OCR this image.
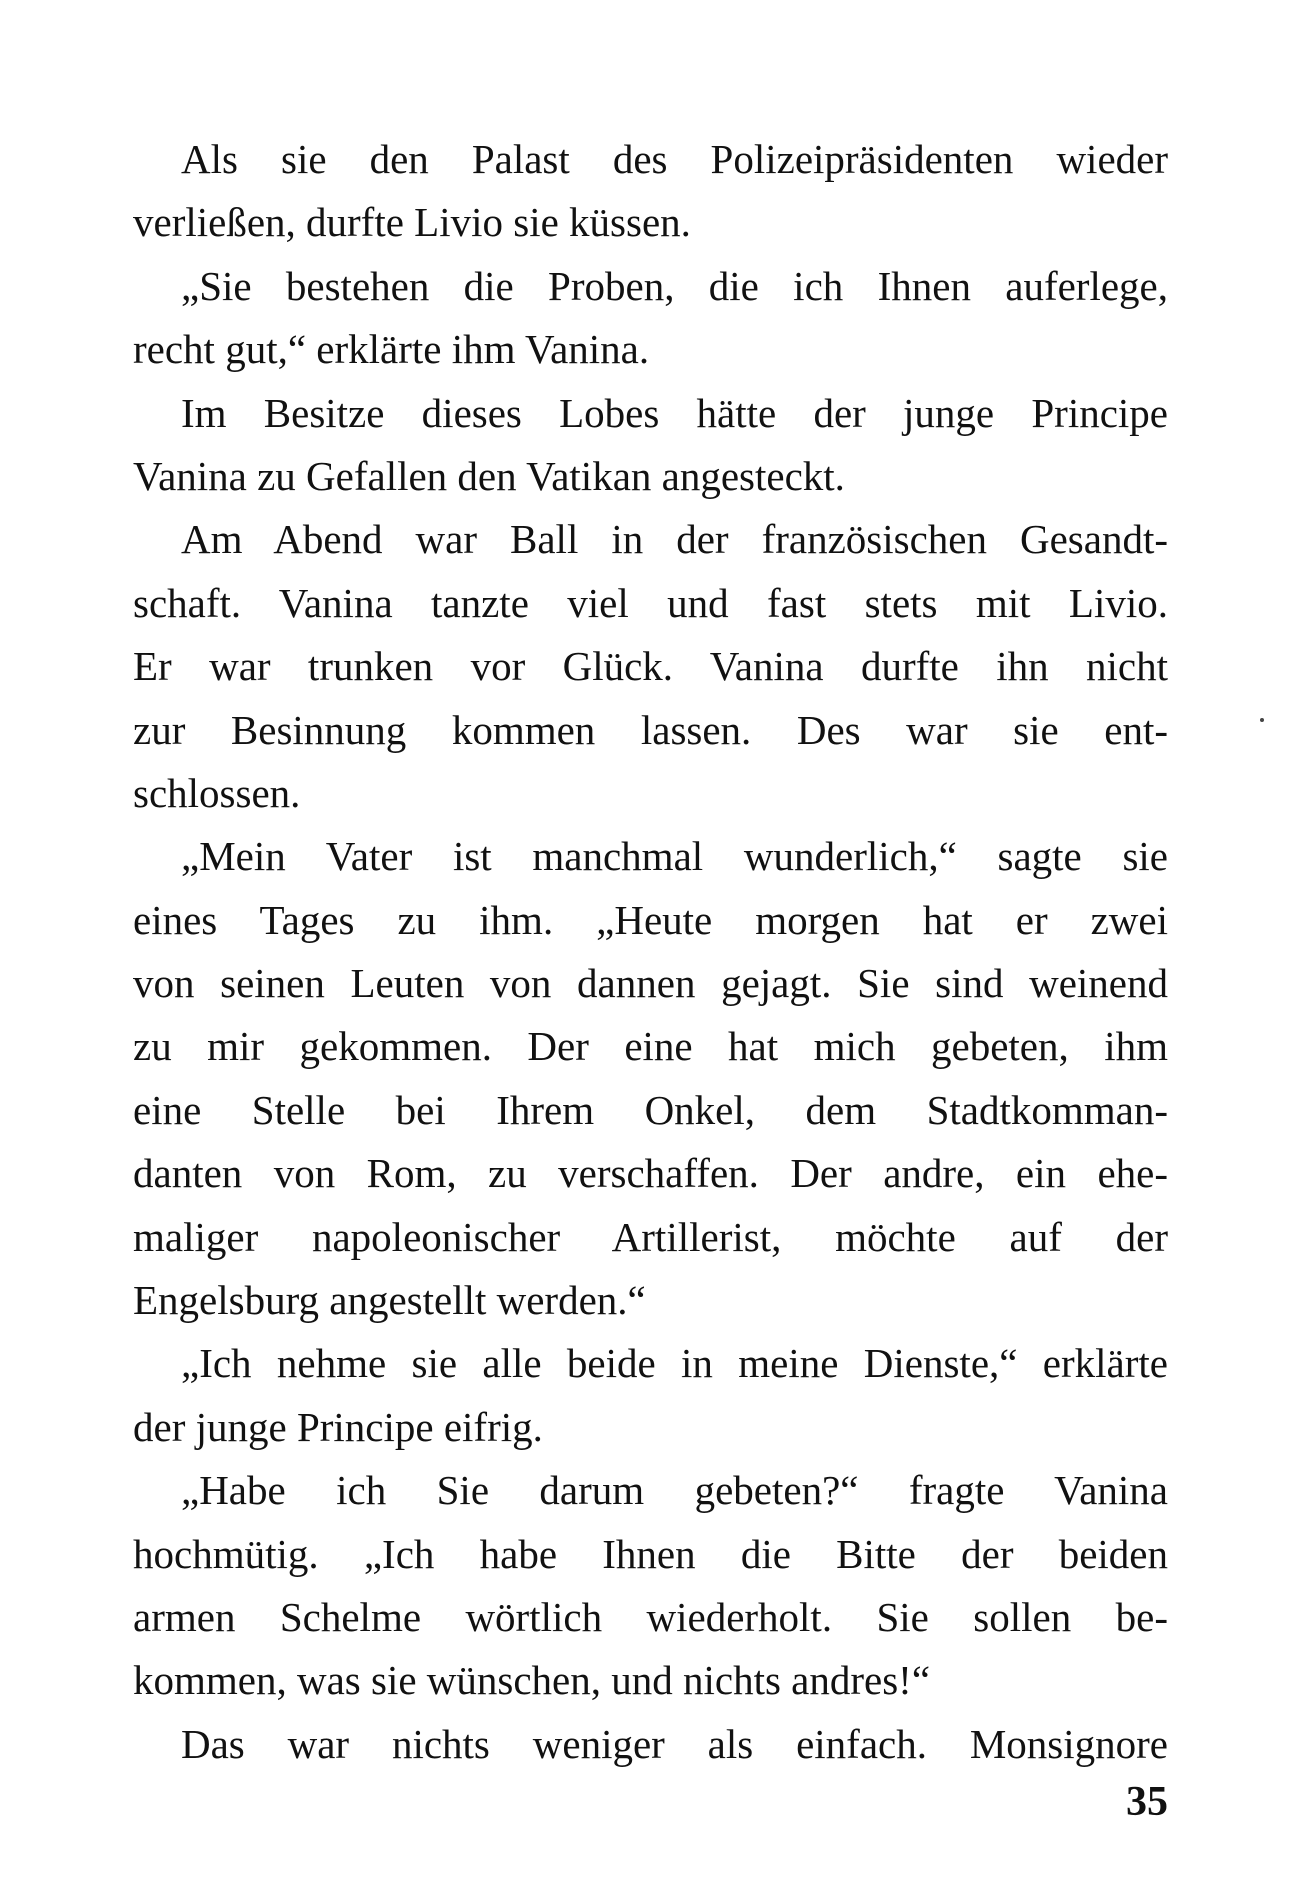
Als sie den Palast des Polizeipräsidenten wieder
verließen, durfte Livio sie küssen.
„Sie bestehen die Proben, die ich Ihnen auferlege,
recht gut,“ erklärte ihm Vanina.
Im Besitze dieses Lobes hätte der junge Principe
Vanina zu Gefallen den Vatikan angesteckt.
Am Abend war Ball in der französischen Gesandt-
schaft. Vanina tanzte viel und fast stets mit Livio.
Er war trunken vor Glück. Vanina durfte ihn nicht
zur Besinnung kommen lassen. Des war sie ent-
schlossen.
„Mein Vater ist manchmal wunderlich,“ sagte sie
eines Tages zu ihm. „Heute morgen hat er zwei
von seinen Leuten von dannen gejagt. Sie sind weinend
zu mir gekommen. Der eine hat mich gebeten, ihm
eine Stelle bei Ihrem Onkel, dem Stadtkomman-
danten von Rom, zu verschaffen. Der andre, ein ehe-
maliger napoleonischer Artillerist, möchte auf der
Engelsburg angestellt werden.“
„Ich nehme sie alle beide in meine Dienste,“ erklärte
der junge Principe eifrig.
„Habe ich Sie darum gebeten?“ fragte Vanina
hochmütig. „Ich habe Ihnen die Bitte der beiden
armen Schelme wörtlich wiederholt. Sie sollen be-
kommen, was sie wünschen, und nichts andres!“
Das war nichts weniger als einfach. Monsignore
35
